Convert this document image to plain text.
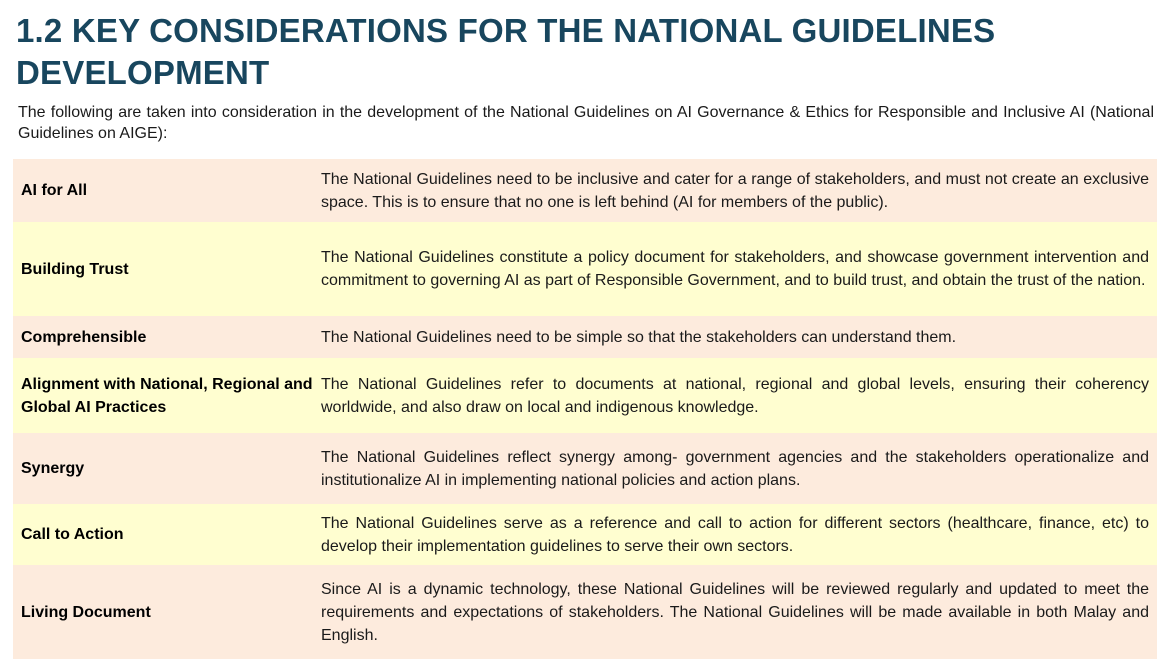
1.2 KEY CONSIDERATIONS FOR THE NATIONAL GUIDELINES DEVELOPMENT

The following are taken into consideration in the development of the National Guidelines on AI Governance & Ethics for Responsible and Inclusive AI (National Guidelines on AIGE):

AI for All	The National Guidelines need to be inclusive and cater for a range of stakeholders, and must not create an exclusive space. This is to ensure that no one is left behind (AI for members of the public).
Building Trust	The National Guidelines constitute a policy document for stakeholders, and showcase government intervention and commitment to governing AI as part of Responsible Government, and to build trust, and obtain the trust of the nation.
Comprehensible	The National Guidelines need to be simple so that the stakeholders can understand them.
Alignment with National, Regional and Global AI Practices	The National Guidelines refer to documents at national, regional and global levels, ensuring their coherency worldwide, and also draw on local and indigenous knowledge.
Synergy	The National Guidelines reflect synergy among- government agencies and the stakeholders operationalize and institutionalize AI in implementing national policies and action plans.
Call to Action	The National Guidelines serve as a reference and call to action for different sectors (healthcare, finance, etc) to develop their implementation guidelines to serve their own sectors.
Living Document	Since AI is a dynamic technology, these National Guidelines will be reviewed regularly and updated to meet the requirements and expectations of stakeholders. The National Guidelines will be made available in both Malay and English.
